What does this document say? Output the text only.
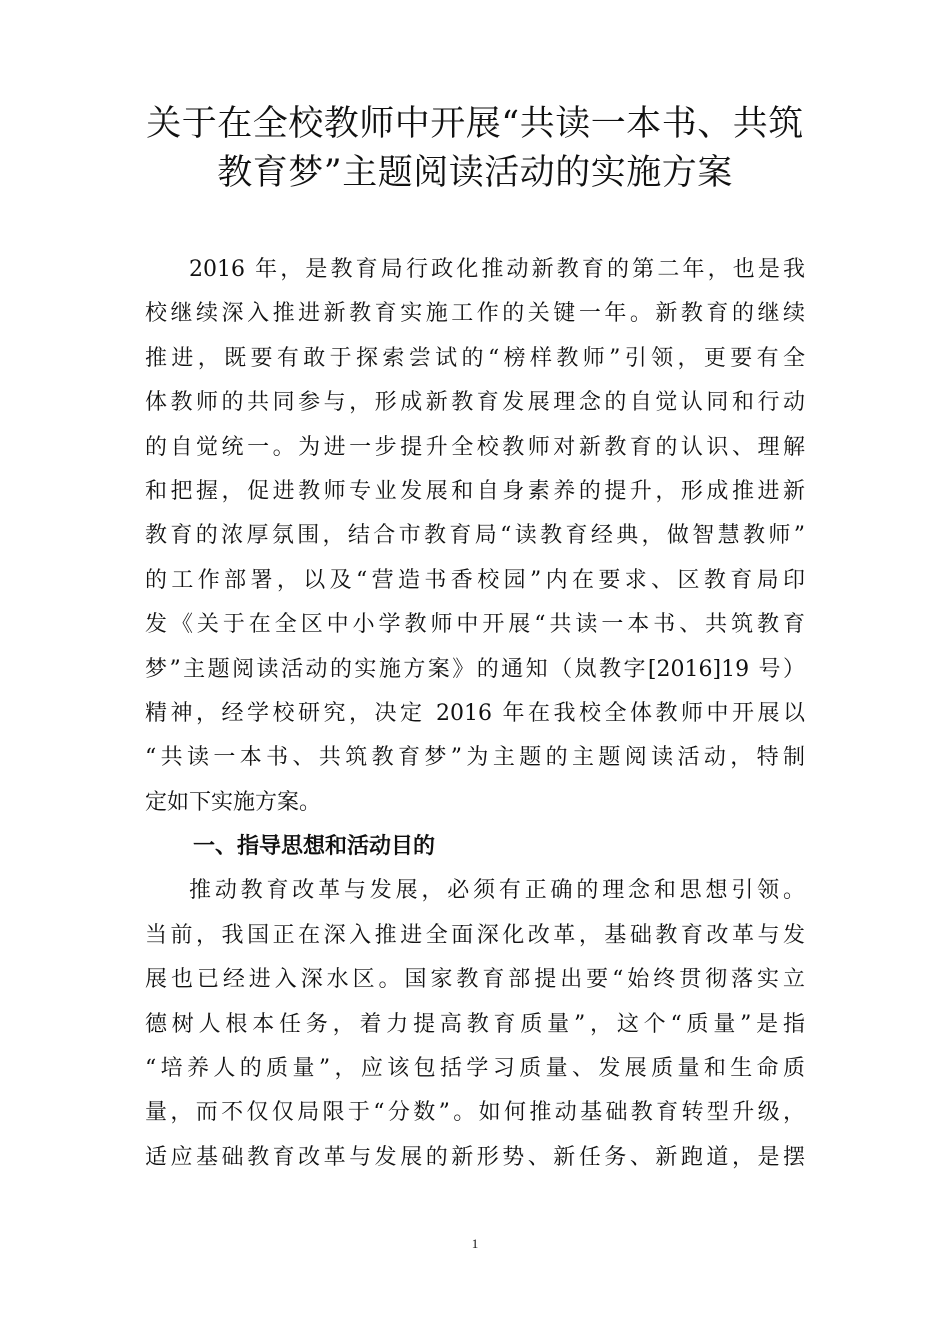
关于在全校教师中开展“共读一本书、共筑
教育梦”主题阅读活动的实施方案
2016 年，是教育局行政化推动新教育的第二年，也是我
校继续深入推进新教育实施工作的关键一年。新教育的继续
推进，既要有敢于探索尝试的“榜样教师”引领，更要有全
体教师的共同参与，形成新教育发展理念的自觉认同和行动
的自觉统一。为进一步提升全校教师对新教育的认识、理解
和把握，促进教师专业发展和自身素养的提升，形成推进新
教育的浓厚氛围，结合市教育局“读教育经典，做智慧教师”
的工作部署，以及“营造书香校园”内在要求、区教育局印
发《关于在全区中小学教师中开展“共读一本书、共筑教育
梦”主题阅读活动的实施方案》的通知（岚教字[2016]19 号）
精神，经学校研究，决定 2016 年在我校全体教师中开展以
“共读一本书、共筑教育梦”为主题的主题阅读活动，特制
定如下实施方案。
一、指导思想和活动目的
推动教育改革与发展，必须有正确的理念和思想引领。
当前，我国正在深入推进全面深化改革，基础教育改革与发
展也已经进入深水区。国家教育部提出要“始终贯彻落实立
德树人根本任务，着力提高教育质量”，这个“质量”是指
“培养人的质量”，应该包括学习质量、发展质量和生命质
量，而不仅仅局限于“分数”。如何推动基础教育转型升级，
适应基础教育改革与发展的新形势、新任务、新跑道，是摆
1
